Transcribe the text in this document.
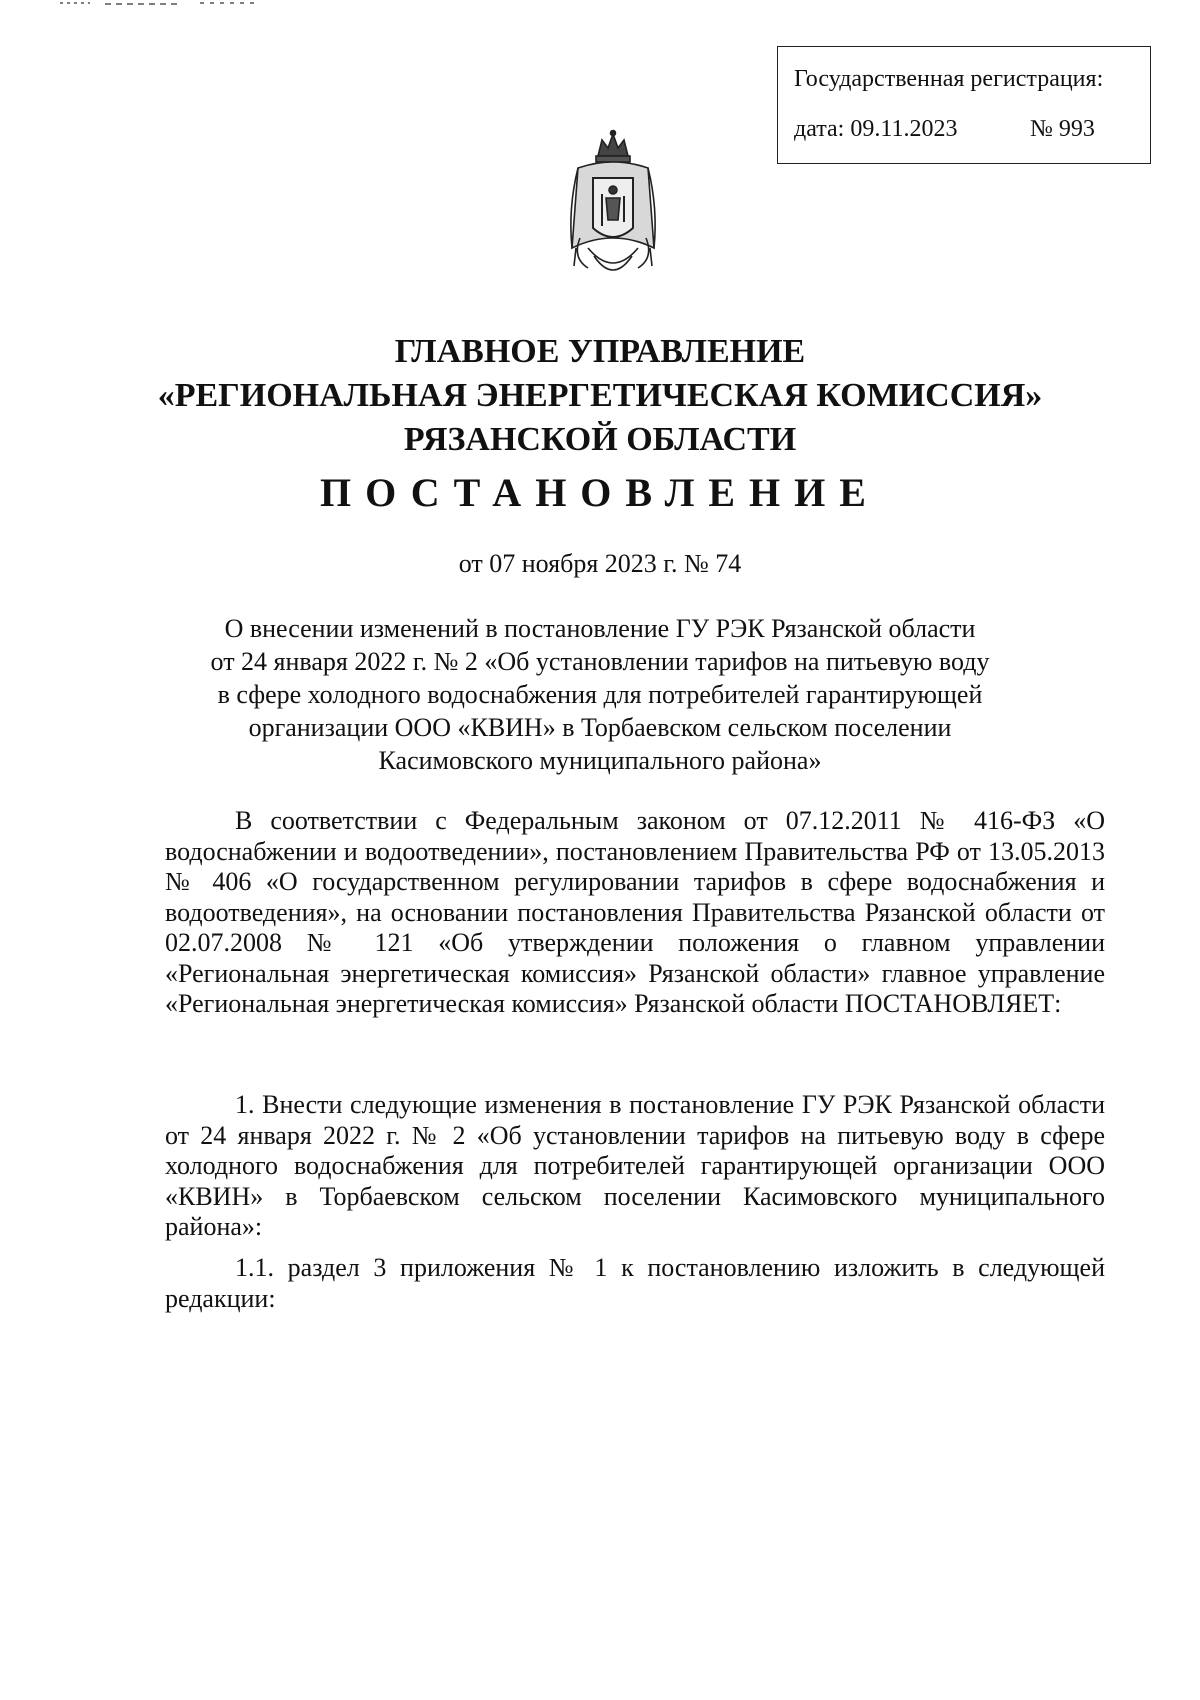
Государственная регистрация:
дата: 09.11.2023	№ 993
ГЛАВНОЕ УПРАВЛЕНИЕ
«РЕГИОНАЛЬНАЯ ЭНЕРГЕТИЧЕСКАЯ КОМИССИЯ»
РЯЗАНСКОЙ ОБЛАСТИ
ПОСТАНОВЛЕНИЕ
от 07 ноября 2023 г. № 74
О внесении изменений в постановление ГУ РЭК Рязанской области
от 24 января 2022 г. № 2 «Об установлении тарифов на питьевую воду
в сфере холодного водоснабжения для потребителей гарантирующей
организации ООО «КВИН» в Торбаевском сельском поселении
Касимовского муниципального района»
В соответствии с Федеральным законом от 07.12.2011 № 416-ФЗ «О водоснабжении и водоотведении», постановлением Правительства РФ от 13.05.2013 № 406 «О государственном регулировании тарифов в сфере водоснабжения и водоотведения», на основании постановления Правительства Рязанской области от 02.07.2008 № 121 «Об утверждении положения о главном управлении «Региональная энергетическая комиссия» Рязанской области» главное управление «Региональная энергетическая комиссия» Рязанской области ПОСТАНОВЛЯЕТ:
1. Внести следующие изменения в постановление ГУ РЭК Рязанской области от 24 января 2022 г. № 2 «Об установлении тарифов на питьевую воду в сфере холодного водоснабжения для потребителей гарантирующей организации ООО «КВИН» в Торбаевском сельском поселении Касимовского муниципального района»:
1.1. раздел 3 приложения № 1 к постановлению изложить в следующей редакции:
